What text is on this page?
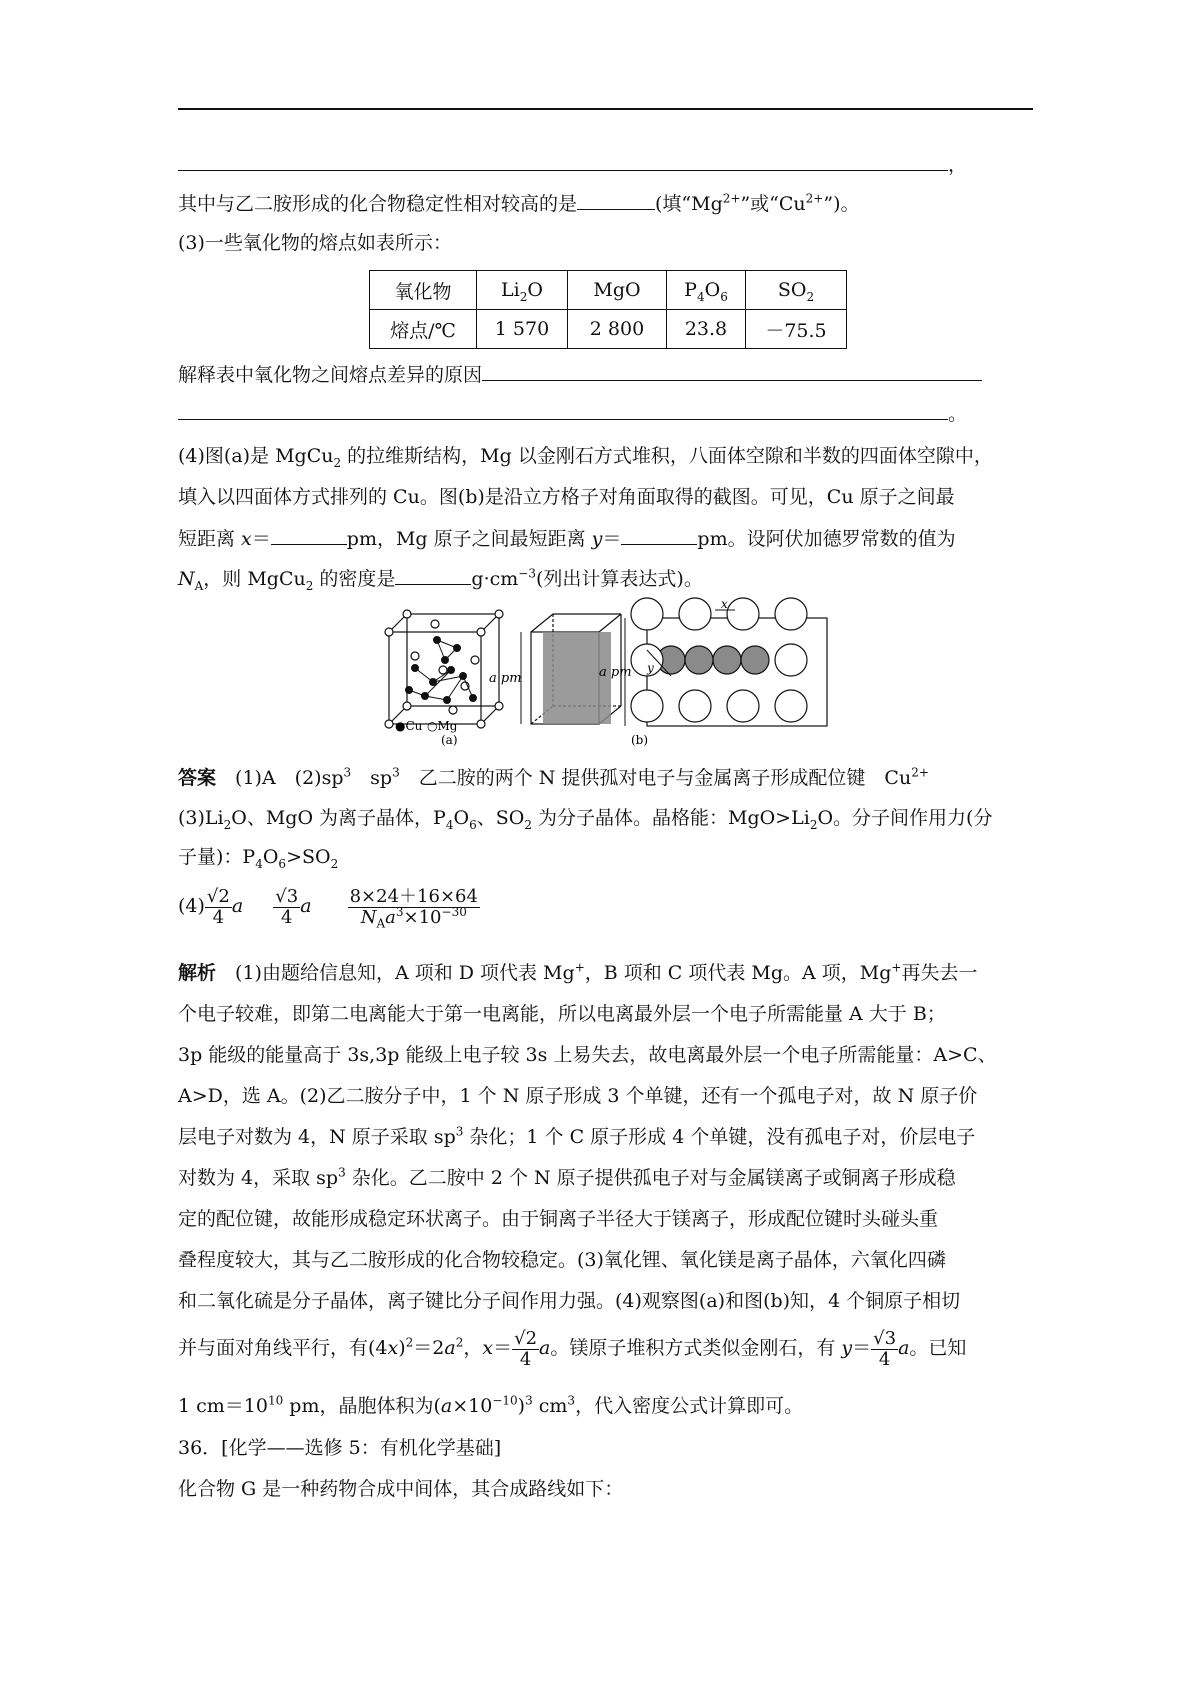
，
其中与乙二胺形成的化合物稳定性相对较高的是	(填“$Mg^{2+}$”或“$Cu^{2+}$”)。
(3)一些氧化物的熔点如表所示：
氧化物	$Li_2O$	MgO	$P_4O_6$	$SO_2$
熔点/℃	1 570	2 800	23.8	－75.5
解释表中氧化物之间熔点差异的原因
。
(4)图(a)是 MgCu$_2$ 的拉维斯结构，Mg 以金刚石方式堆积，八面体空隙和半数的四面体空隙中，
填入以四面体方式排列的 Cu。图(b)是沿立方格子对角面取得的截图。可见，Cu 原子之间最
短距离 x＝	pm，Mg 原子之间最短距离 y＝	pm。设阿伏加德罗常数的值为
$N_A$，则 MgCu$_2$ 的密度是	$g\cdot cm^{-3}$(列出计算表达式)。
●Cu ○Mg
(a)
a pm	a pm
x
y
(b)
答案　 (1)A　$(2)sp^3$　$sp^3$　乙二胺的两个 N 提供孤对电子与金属离子形成配位键　$Cu^{2+}$
$(3)Li_2O$、MgO 为离子晶体，$P_4O_6$、$SO_2$ 为分子晶体。晶格能：$MgO>Li_2O$。分子间作用力(分
子量)：$P_4O_6>SO_2$
$(4) \frac{√2}{4}$ a $\frac{√3}{4}$ a $\frac{8\times 24+16\times 64}{N_Aa^3\times 10^{-30}}$
解析　 (1)由题给信息知，A 项和 D 项代表 Mg+，B 项和 C 项代表 Mg。A 项，Mg+再失去一
个电子较难，即第二电离能大于第一电离能，所以电离最外层一个电子所需能量 A 大于 B；
3p 能级的能量高于 3s,3p 能级上电子较 3s 上易失去，故电离最外层一个电子所需能量：A>C、
A>D，选 A。(2)乙二胺分子中，1 个 N 原子形成 3 个单键，还有一个孤电子对，故 N 原子价
层电子对数为 4，N 原子采取 $sp^3$ 杂化；1 个 C 原子形成 4 个单键，没有孤电子对，价层电子
对数为 4，采取 $sp^3$ 杂化。乙二胺中 2 个 N 原子提供孤电子对与金属镁离子或铜离子形成稳
定的配位键，故能形成稳定环状离子。由于铜离子半径大于镁离子，形成配位键时头碰头重
叠程度较大，其与乙二胺形成的化合物较稳定。(3)氧化锂、氧化镁是离子晶体，六氧化四磷
和二氧化硫是分子晶体，离子键比分子间作用力强。(4)观察图(a)和图(b)知，4 个铜原子相切
并与面对角线平行，有$(4x)^2=2a^2$，$x= \frac{√2}{4}$ a。镁原子堆积方式类似金刚石，有 $y= \frac{√3}{4}$ a。已知
1 $cm=10^{10}$ pm，晶胞体积为$(a\times 10^{-10})^3$ $cm^3$，代入密度公式计算即可。
36．[化学——选修 5：有机化学基础]
化合物 G 是一种药物合成中间体，其合成路线如下：
